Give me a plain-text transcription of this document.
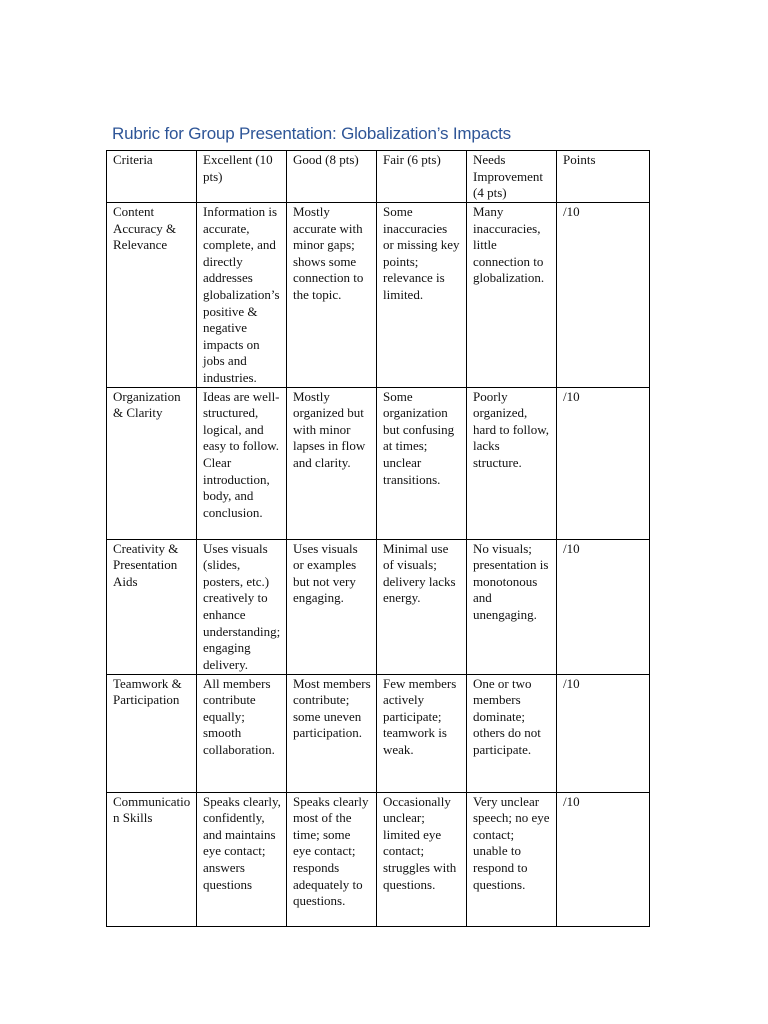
Rubric for Group Presentation: Globalization’s Impacts
Criteria	Excellent (10 pts)	Good (8 pts)	Fair (6 pts)	Needs Improvement (4 pts)	Points
Content Accuracy & Relevance	Information is accurate, complete, and directly addresses globalization’s positive & negative impacts on jobs and industries.	Mostly accurate with minor gaps; shows some connection to the topic.	Some inaccuracies or missing key points; relevance is limited.	Many inaccuracies, little connection to globalization.	/10
Organization & Clarity	Ideas are well-structured, logical, and easy to follow. Clear introduction, body, and conclusion.	Mostly organized but with minor lapses in flow and clarity.	Some organization but confusing at times; unclear transitions.	Poorly organized, hard to follow, lacks structure.	/10
Creativity & Presentation Aids	Uses visuals (slides, posters, etc.) creatively to enhance understanding; engaging delivery.	Uses visuals or examples but not very engaging.	Minimal use of visuals; delivery lacks energy.	No visuals; presentation is monotonous and unengaging.	/10
Teamwork & Participation	All members contribute equally; smooth collaboration.	Most members contribute; some uneven participation.	Few members actively participate; teamwork is weak.	One or two members dominate; others do not participate.	/10
Communication Skills	Speaks clearly, confidently, and maintains eye contact; answers questions	Speaks clearly most of the time; some eye contact; responds adequately to questions.	Occasionally unclear; limited eye contact; struggles with questions.	Very unclear speech; no eye contact; unable to respond to questions.	/10
